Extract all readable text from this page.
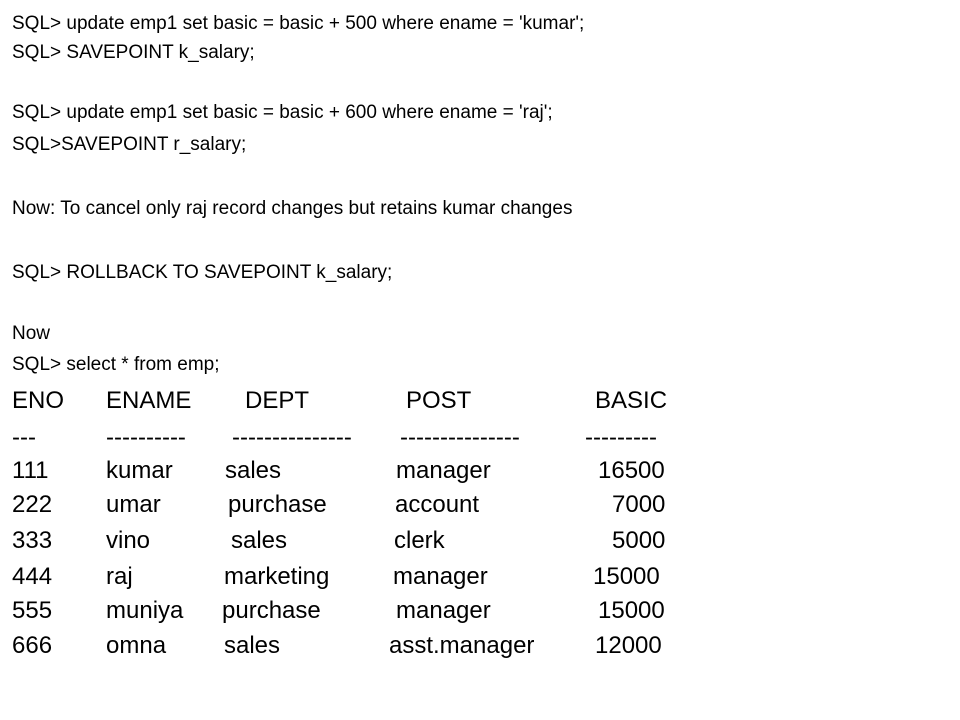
SQL> update emp1 set basic = basic + 500 where ename = 'kumar';
SQL> SAVEPOINT k_salary;
SQL> update emp1 set basic = basic + 600 where ename = 'raj';
SQL>SAVEPOINT r_salary;
Now: To cancel only raj record changes but retains kumar changes
SQL> ROLLBACK TO SAVEPOINT k_salary;
Now
SQL> select * from emp;
ENO ENAME DEPT	POST	BASIC
---	---------- --------------- ---------------	---------
111 kumar sales	manager	16500
222 umar	purchase	account	7000
333 vino	sales	clerk	5000
444 raj	marketing	manager	15000
555 muniya purchase	manager	15000
666 omna sales	asst.manager	12000
